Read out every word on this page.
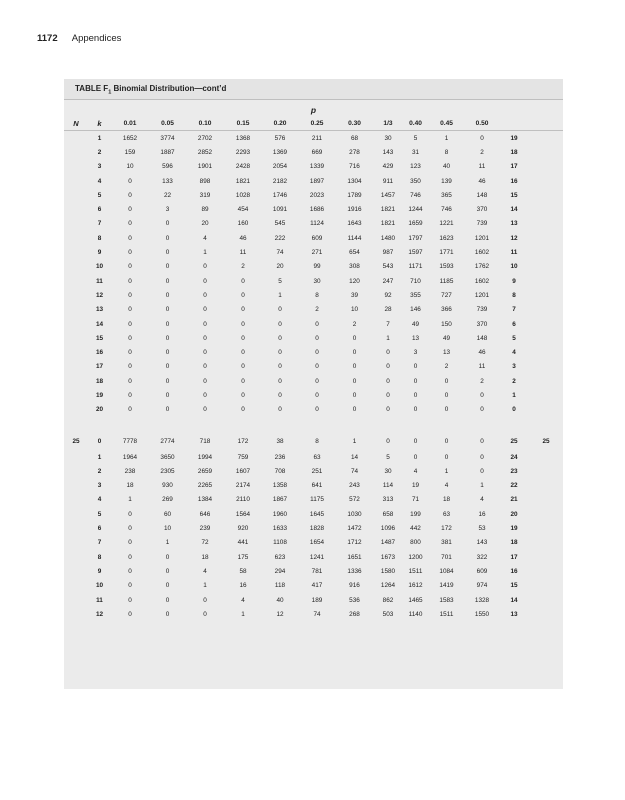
1172 Appendices
TABLE $F_1$ Binomial Distribution—cont’d
p														
N	k	0.01	0.05	0.10	0.15	0.20	0.25	0.30	1/3	0.40	0.45	0.50		
	1	1652	3774	2702	1368	576	211	68	30	5	1	0	19	
	2	159	1887	2852	2293	1369	669	278	143	31	8	2	18	
	3	10	596	1901	2428	2054	1339	716	429	123	40	11	17	
	4	0	133	898	1821	2182	1897	1304	911	350	139	46	16	
	5	0	22	319	1028	1746	2023	1789	1457	746	365	148	15	
	6	0	3	89	454	1091	1686	1916	1821	1244	746	370	14	
	7	0	0	20	160	545	1124	1643	1821	1659	1221	739	13	
	8	0	0	4	46	222	609	1144	1480	1797	1623	1201	12	
	9	0	0	1	11	74	271	654	987	1597	1771	1602	11	
	10	0	0	0	2	20	99	308	543	1171	1593	1762	10	
	11	0	0	0	0	5	30	120	247	710	1185	1602	9	
	12	0	0	0	0	1	8	39	92	355	727	1201	8	
	13	0	0	0	0	0	2	10	28	146	366	739	7	
	14	0	0	0	0	0	0	2	7	49	150	370	6	
	15	0	0	0	0	0	0	0	1	13	49	148	5	
	16	0	0	0	0	0	0	0	0	3	13	46	4	
	17	0	0	0	0	0	0	0	0	0	2	11	3	
	18	0	0	0	0	0	0	0	0	0	0	2	2	
	19	0	0	0	0	0	0	0	0	0	0	0	1	
	20	0	0	0	0	0	0	0	0	0	0	0	0	

25	0	7778	2774	718	172	38	8	1	0	0	0	0	25	25
	1	1964	3650	1994	759	236	63	14	5	0	0	0	24	
	2	238	2305	2659	1607	708	251	74	30	4	1	0	23	
	3	18	930	2265	2174	1358	641	243	114	19	4	1	22	
	4	1	269	1384	2110	1867	1175	572	313	71	18	4	21	
	5	0	60	646	1564	1960	1645	1030	658	199	63	16	20	
	6	0	10	239	920	1633	1828	1472	1096	442	172	53	19	
	7	0	1	72	441	1108	1654	1712	1487	800	381	143	18	
	8	0	0	18	175	623	1241	1651	1673	1200	701	322	17	
	9	0	0	4	58	294	781	1336	1580	1511	1084	609	16	
	10	0	0	1	16	118	417	916	1264	1612	1419	974	15	
	11	0	0	0	4	40	189	536	862	1465	1583	1328	14	
	12	0	0	0	1	12	74	268	503	1140	1511	1550	13	
